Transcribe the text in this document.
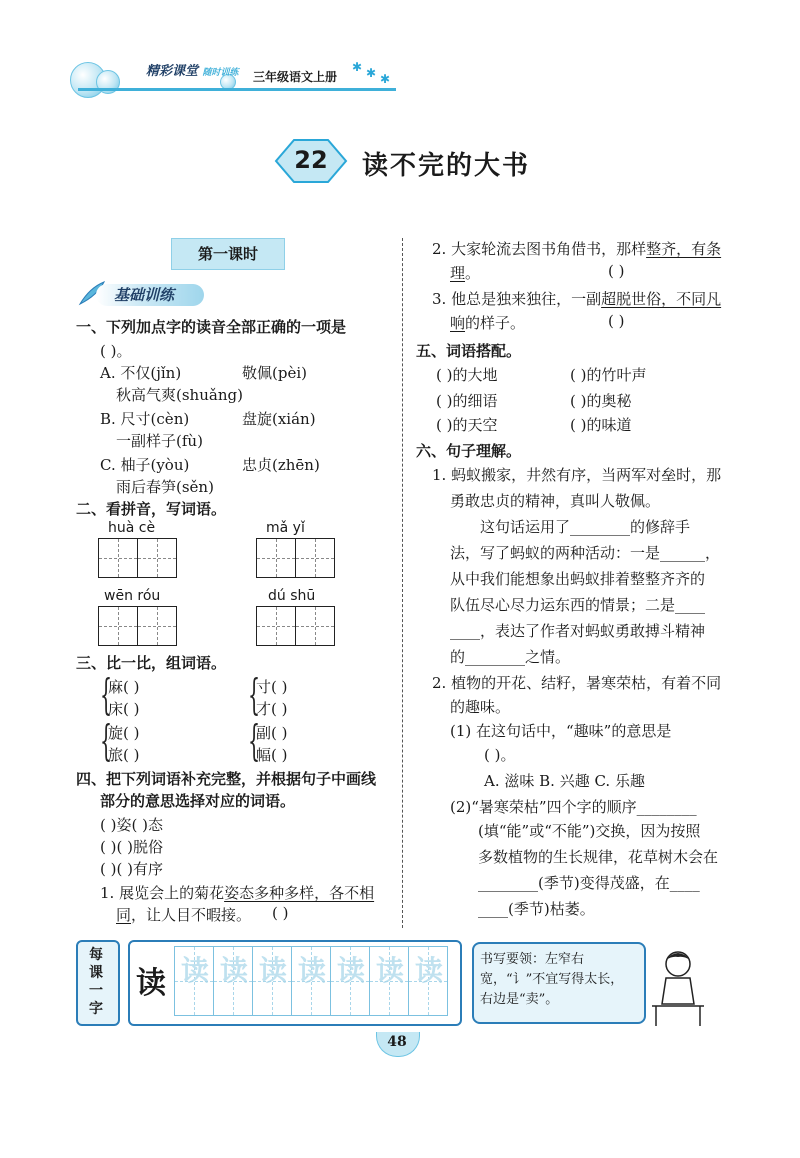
精彩课堂 随时训练 三年级语文上册
✱ ✱ ✱
22	读不完的大书
第一课时
基础训练
一、下列加点字的读音全部正确的一项是
( )。
A. 不仅(jǐn)	敬佩(pèi)
秋高气爽(shuǎng)
B. 尺寸(cèn)	盘旋(xián)
一副样子(fù)
C. 柚子(yòu)	忠贞(zhēn)
雨后春笋(sěn)
二、看拼音，写词语。
huà cè	mǎ yǐ
wēn róu	dú shū
三、比一比，组词语。
{
麻( )
床( )	{
寸( )
才( )
{
旋( )
旅( )	{
副( )
幅( )
四、把下列词语补充完整，并根据句子中画线
部分的意思选择对应的词语。
( )姿( )态
( )( )脱俗
( )( )有序
1. 展览会上的菊花姿态多种多样，各不相
同，让人目不暇接。 ( )
2. 大家轮流去图书角借书，那样整齐，有条
理。	( )
3. 他总是独来独往，一副超脱世俗，不同凡
响的样子。	( )
五、词语搭配。
( )的大地	( )的竹叶声
( )的细语	( )的奥秘
( )的天空	( )的味道
六、句子理解。
1. 蚂蚁搬家，井然有序，当两军对垒时，那
勇敢忠贞的精神，真叫人敬佩。
这句话运用了________的修辞手
法，写了蚂蚁的两种活动：一是______，
从中我们能想象出蚂蚁排着整整齐齐的
队伍尽心尽力运东西的情景；二是____
____，表达了作者对蚂蚁勇敢搏斗精神
的________之情。
2. 植物的开花、结籽，暑寒荣枯，有着不同
的趣味。
(1) 在这句话中，“趣味”的意思是
( )。
A. 滋味 B. 兴趣 C. 乐趣
(2)“暑寒荣枯”四个字的顺序________
(填“能”或“不能”)交换，因为按照
多数植物的生长规律，花草树木会在
________(季节)变得茂盛，在____
____(季节)枯萎。
每课一字
读 读 读 读 读 读 读 读	书写要领：左窄右宽，“讠”不宜写得太长，右边是“卖”。
48
